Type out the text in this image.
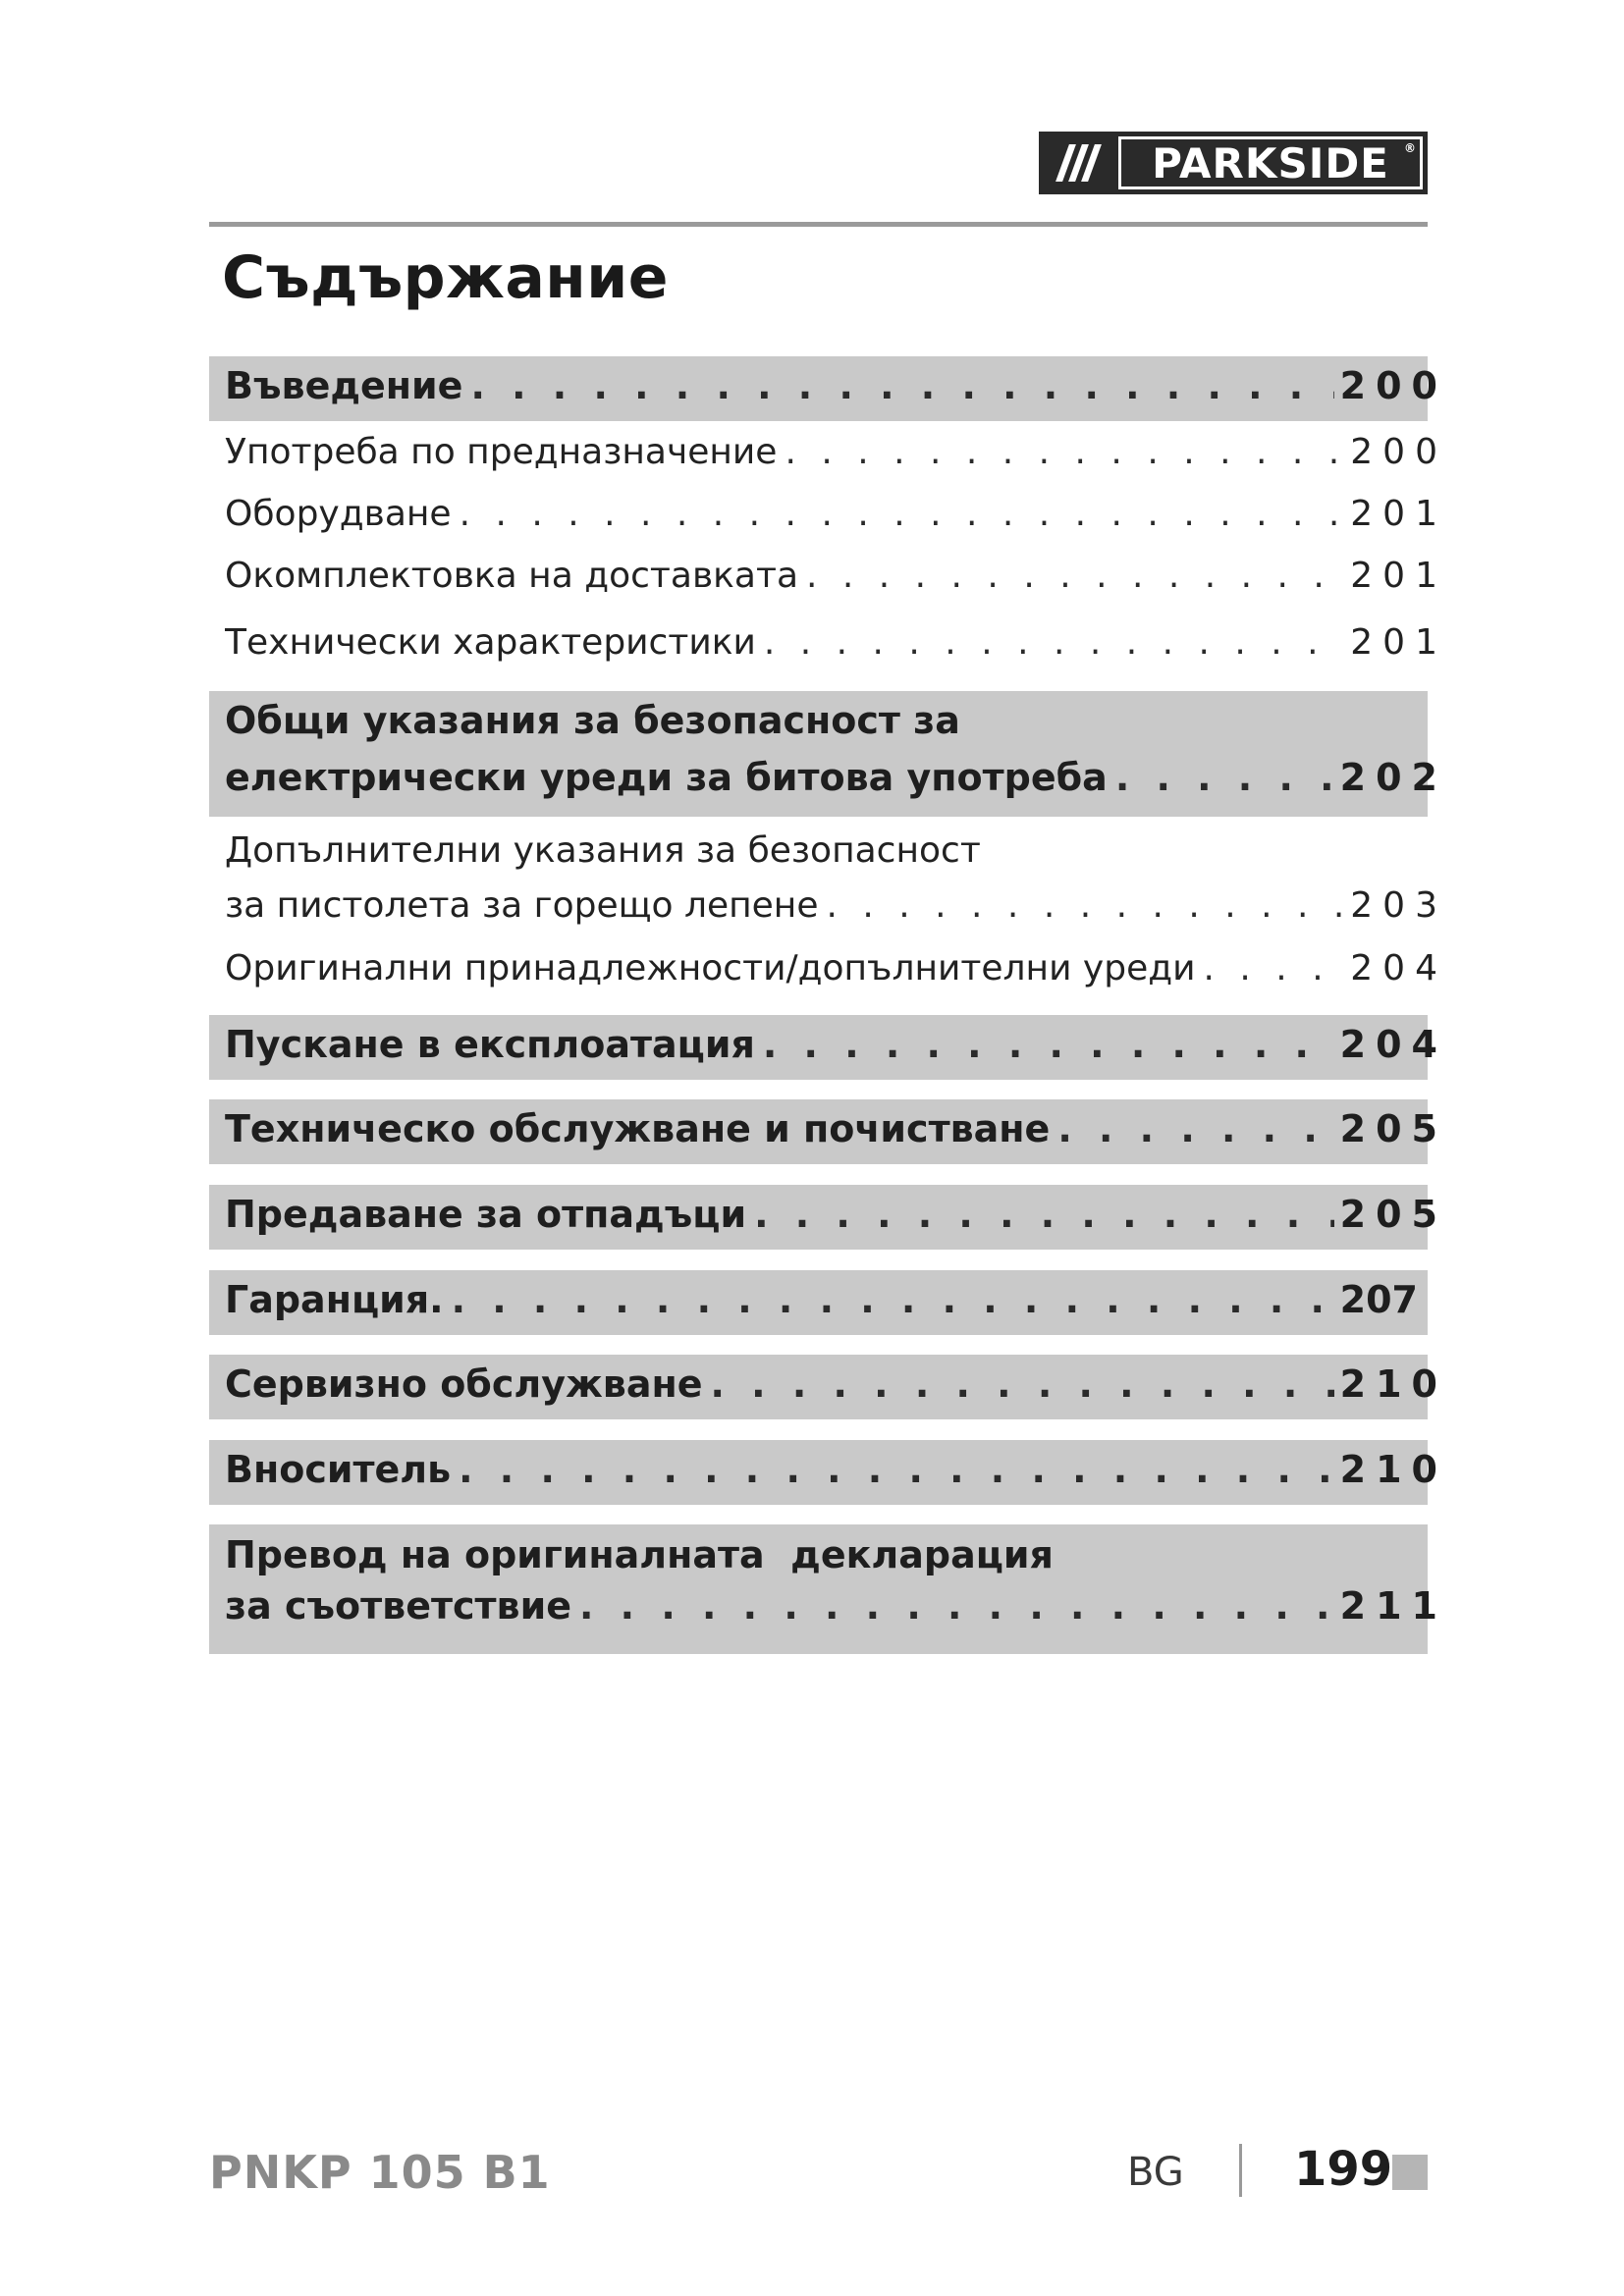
PARKSIDE ®
Съдържание
Въведение . . .	200
Употреба по предназначение . . .	200
Оборудване . . .	201
Окомплектовка на доставката . . .	201
Технически характеристики . . .	201
Общи указания за безопасност за
електрически уреди за битова употреба . . .	202
Допълнителни указания за безопасност
за пистолета за горещо лепене . . .	203
Оригинални принадлежности/допълнителни уреди . . .	204
Пускане в експлоатация . . .	204
Техническо обслужване и почистване . . .	205
Предаване за отпадъци . . .	205
Гаранция. . . .	207
Сервизно обслужване . . .	210
Вноситель . . .	210
Превод на оригиналната  декларация
за съответствие . . .	211
PNKP 105 B1	BG 199
